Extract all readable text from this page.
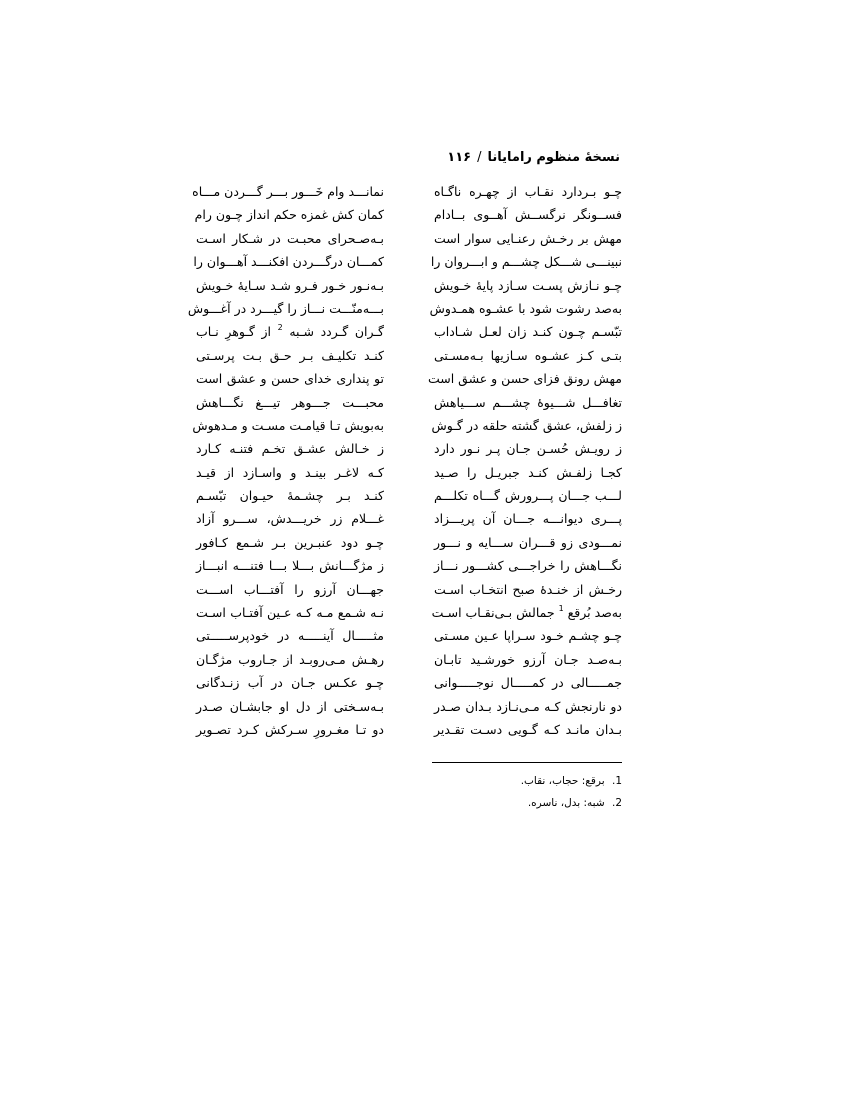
نسخهٔ منظوم رامایانا/۱۱۶
چـو بـردارد نقـاب از چهـره ناگـاه
فســونگر نرگســش آهــوی بــادام
مهش بر رخـش رعنـایی سوار است
نبینـــی شـــکل چشـــم و ابـــروان را
چـو نـازش پسـت سـازد پایهٔ خـویش
به‌صد رشوت شود با عشـوه همـدوش
تبّسـم چـون کنـد زان لعـل شـاداب
بتـی کـز عشـوه سـازیها بـه‌مسـتی
مهش رونق فزای حسن و عشق است
تغافـــل شـــیوهٔ چشـــم ســـیاهش
ز زلفش، عشق گشته حلقه در گـوش
ز رویـش حُسـن جـان پـر نـور دارد
کجـا زلفـش کنـد جبریـل را صـید
لـــب جـــان پـــرورش گـــاه تکلـــم
پـــری دیوانـــه جـــان آن پریـــزاد
نمـــودی زو قـــران ســـایه و نـــور
نگـــاهش را خراجـــی کشـــور نـــاز
رخـش از خنـدهٔ صبح انتخـاب اسـت
به‌صد بُرقع $^1$ جمالش بـی‌نقـاب اسـت
چـو چشـم خـود سـراپا عـین مسـتی
بـه‌صـد جـان آرزو خورشـید تابـان
جمـــــالی در کمـــــال نوجـــــوانی
دو نارنجش کـه مـی‌نـازد بـدان صـدر
بـدان مانـد کـه گـویی دسـت تقـدیر
نمانـــد وام خَـــور بـــر گـــردن مـــاه
کمان کش غمزه حکم انداز چـون رام
بـه‌صـحرای محبـت در شـکار اسـت
کمـــان درگـــردن افکنـــد آهـــوان را
بـه‌نـور خـور فـرو شـد سـایهٔ خـویش
بـــه‌منّـــت نـــاز را گیـــرد در آغـــوش
گـران گـردد شـبه $^2$ از گـوهرِ نـاب
کنـد تکلیـف بـر حـق بـت پرسـتی
تو پنداری خدای حسن و عشق است
محبـــت جـــوهر تیـــغ نگـــاهش
به‌بویش تـا قیامـت مسـت و مـدهوش
ز خـالش عشـق تخـم فتنـه کـارد
کـه لاغـر بینـد و واسـازد از قیـد
کنـد بـر چشـمهٔ حیـوان تبّسـم
غـــلام زر خریـــدش، ســـرو آزاد
چـو دود عنبـرین بـر شـمع کـافور
ز مژگـــانش بـــلا بـــا فتنـــه انبـــاز
جهـــان آرزو را آفتـــاب اســـت
نـه شـمع مـه کـه عـین آفتـاب اسـت
مثـــــال آینـــــه در خودپرســـــتی
رهـش مـی‌روبـد از جـاروب مژگـان
چـو عکـس جـان در آب زنـدگانی
بـه‌سـختی از دل او جابشـان صـدر
دو تـا مغـرورِ سـرکش کـرد تصـویر
1. برقع: حجاب، نقاب.
2. شبه: بدل، ناسره.
